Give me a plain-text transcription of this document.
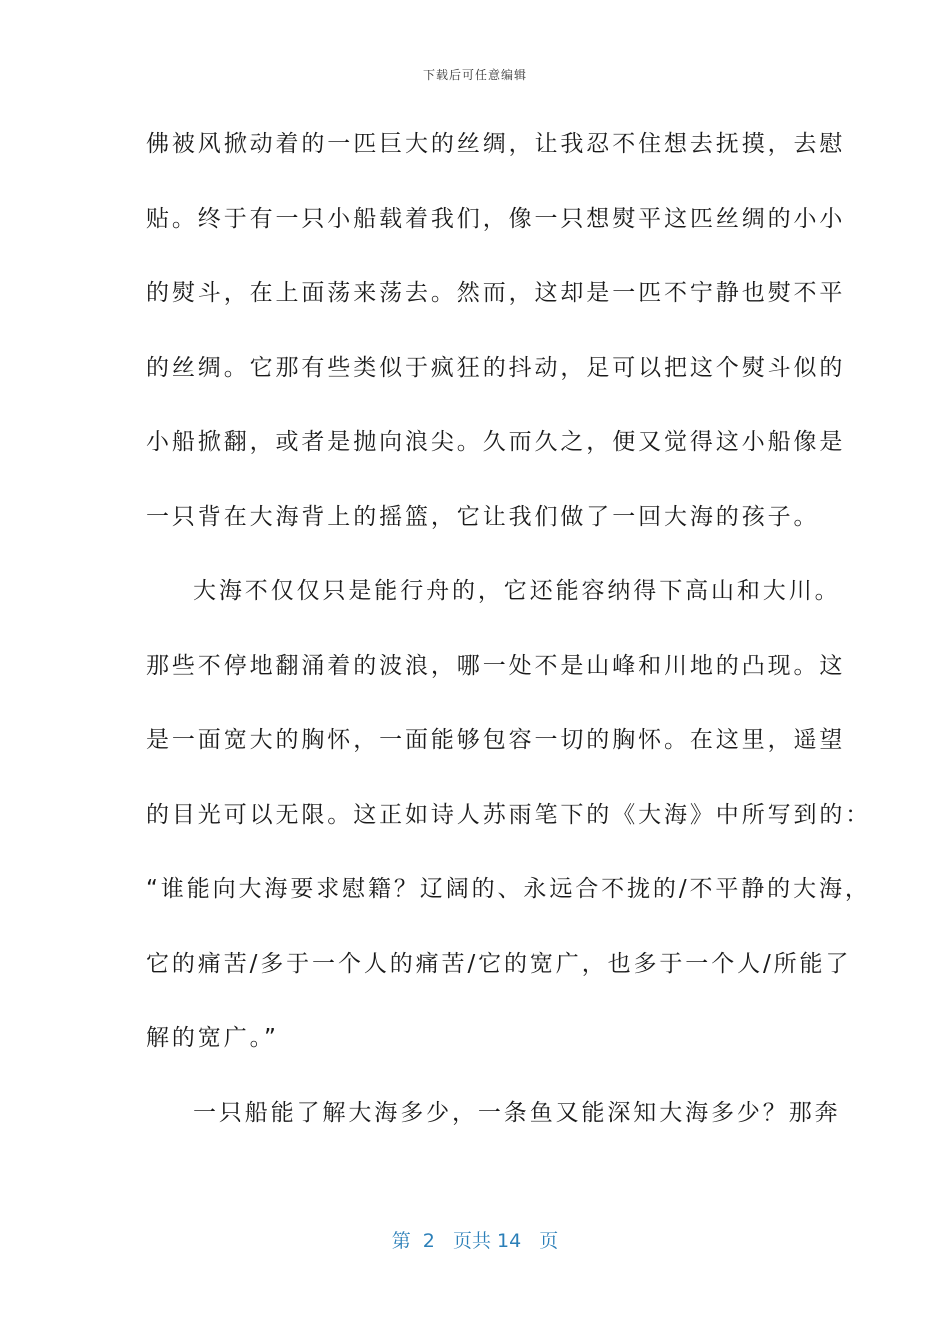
下载后可任意编辑
佛被风掀动着的一匹巨大的丝绸，让我忍不住想去抚摸，去慰
贴。终于有一只小船载着我们，像一只想熨平这匹丝绸的小小
的熨斗，在上面荡来荡去。然而，这却是一匹不宁静也熨不平
的丝绸。它那有些类似于疯狂的抖动，足可以把这个熨斗似的
小船掀翻，或者是抛向浪尖。久而久之，便又觉得这小船像是
一只背在大海背上的摇篮，它让我们做了一回大海的孩子。
大海不仅仅只是能行舟的，它还能容纳得下高山和大川。
那些不停地翻涌着的波浪，哪一处不是山峰和川地的凸现。这
是一面宽大的胸怀，一面能够包容一切的胸怀。在这里，遥望
的目光可以无限。这正如诗人苏雨笔下的《大海》中所写到的：
“谁能向大海要求慰籍？辽阔的、永远合不拢的/不平静的大海，
它的痛苦/多于一个人的痛苦/它的宽广，也多于一个人/所能了
解的宽广。”
一只船能了解大海多少，一条鱼又能深知大海多少？那奔
第  2   页共 14   页
